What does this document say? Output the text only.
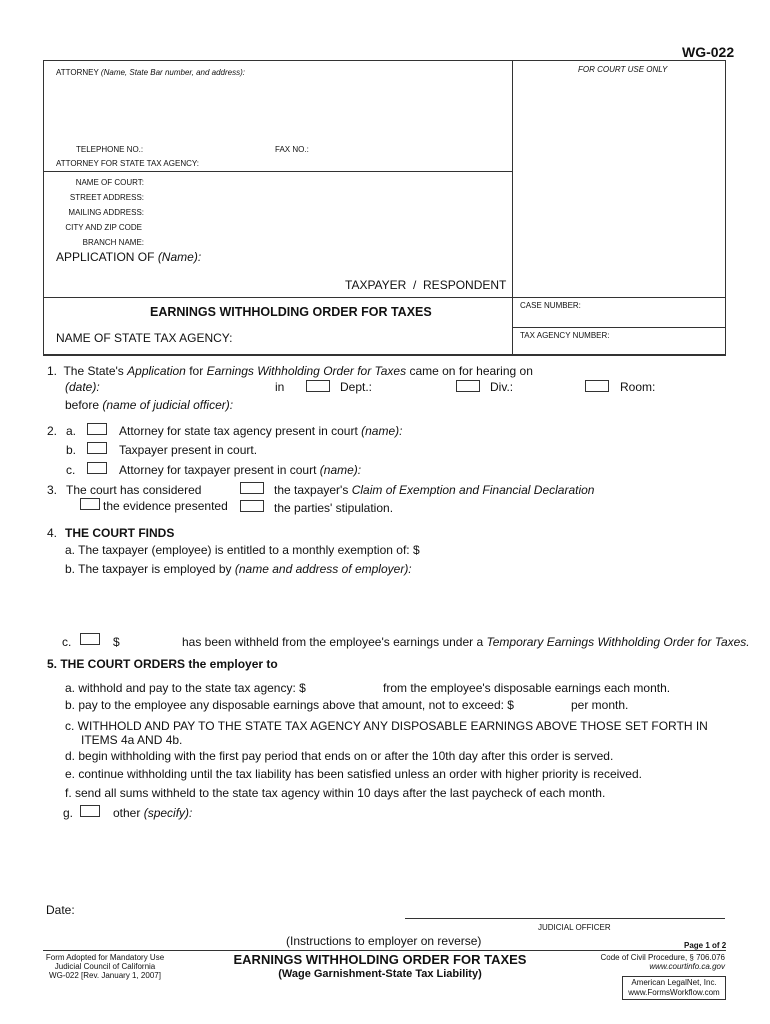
WG-022
ATTORNEY (Name, State Bar number, and address):	FOR COURT USE ONLY
TELEPHONE NO.:	FAX NO.:
ATTORNEY FOR STATE TAX AGENCY:
NAME OF COURT:
STREET ADDRESS:
MAILING ADDRESS:
CITY AND ZIP CODE
BRANCH NAME:
APPLICATION OF (Name):
TAXPAYER  /  RESPONDENT
EARNINGS WITHHOLDING ORDER FOR TAXES	CASE NUMBER:
NAME OF STATE TAX AGENCY:	TAX AGENCY NUMBER:
1. The State's Application for Earnings Withholding Order for Taxes came on for hearing on
(date):	in	Dept.:	Div.:	Room:
before (name of judicial officer):
2. a.	Attorney for state tax agency present in court (name):
b.	Taxpayer present in court.
c.	Attorney for taxpayer present in court (name):
3. The court has considered
the evidence presented
the taxpayer's Claim of Exemption and Financial Declaration
the parties' stipulation.
4. THE COURT FINDS
a. The taxpayer (employee) is entitled to a monthly exemption of: $
b. The taxpayer is employed by (name and address of employer):
c.	$	has been withheld from the employee's earnings under a Temporary Earnings Withholding Order for Taxes.
5. THE COURT ORDERS the employer to
a. withhold and pay to the state tax agency: $	from the employee's disposable earnings each month.
b. pay to the employee any disposable earnings above that amount, not to exceed: $	per month.
c. WITHHOLD AND PAY TO THE STATE TAX AGENCY ANY DISPOSABLE EARNINGS ABOVE THOSE SET FORTH IN
ITEMS 4a AND 4b.
d. begin withholding with the first pay period that ends on or after the 10th day after this order is served.
e. continue withholding until the tax liability has been satisfied unless an order with higher priority is received.
f. send all sums withheld to the state tax agency within 10 days after the last paycheck of each month.
g.	other (specify):
Date:
JUDICIAL OFFICER
(Instructions to employer on reverse)	Page 1 of 2
Form Adopted for Mandatory Use
Judicial Council of California
WG-022 [Rev. January 1, 2007]
EARNINGS WITHHOLDING ORDER FOR TAXES
(Wage Garnishment-State Tax Liability)
Code of Civil Procedure, § 706.076
www.courtinfo.ca.gov
American LegalNet, Inc.
www.FormsWorkflow.com
